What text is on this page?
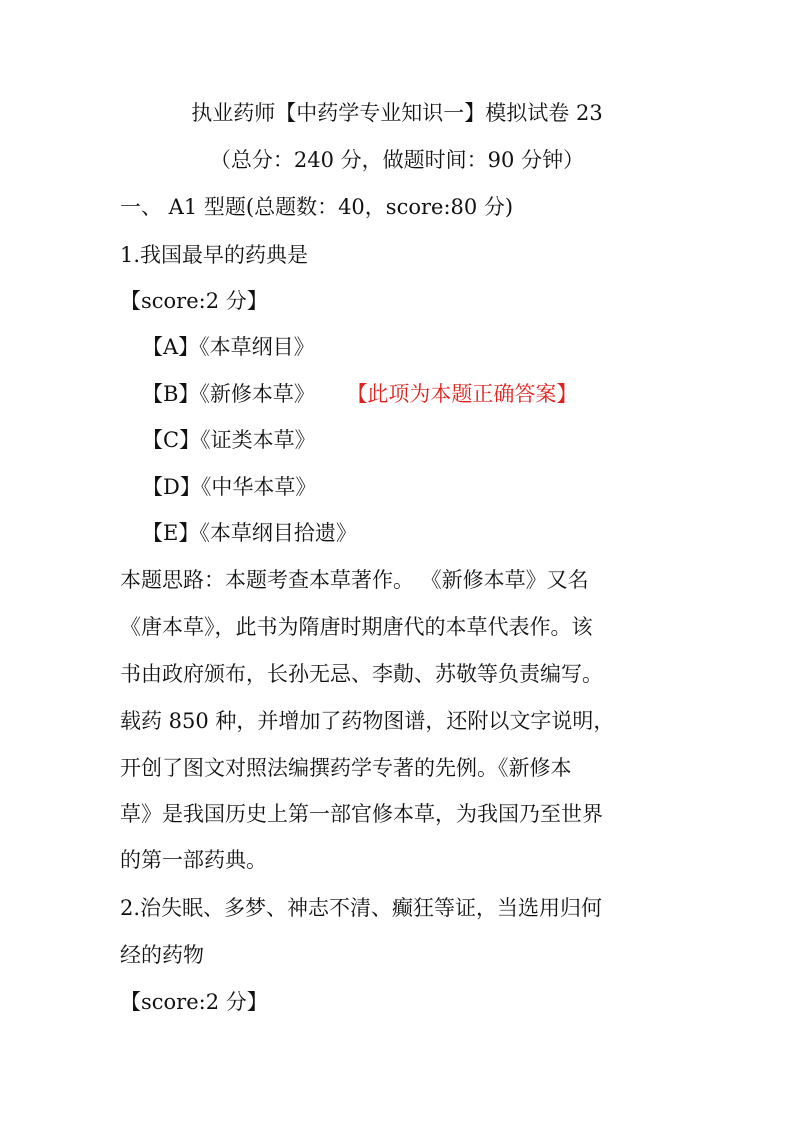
执业药师【中药学专业知识一】模拟试卷 23
（总分：240 分，做题时间：90 分钟）
一、 A1 型题(总题数：40，score:80 分)
1.我国最早的药典是
【score:2 分】
【A】《本草纲目》
【B】《新修本草》 【此项为本题正确答案】
【C】《证类本草》
【D】《中华本草》
【E】《本草纲目拾遗》
本题思路：本题考查本草著作。 《新修本草》又名
《唐本草》，此书为隋唐时期唐代的本草代表作。该
书由政府颁布，长孙无忌、李勣、苏敬等负责编写。
载药 850 种，并增加了药物图谱，还附以文字说明，
开创了图文对照法编撰药学专著的先例。《新修本
草》是我国历史上第一部官修本草，为我国乃至世界
的第一部药典。
2.治失眠、多梦、神志不清、癫狂等证，当选用归何
经的药物
【score:2 分】
